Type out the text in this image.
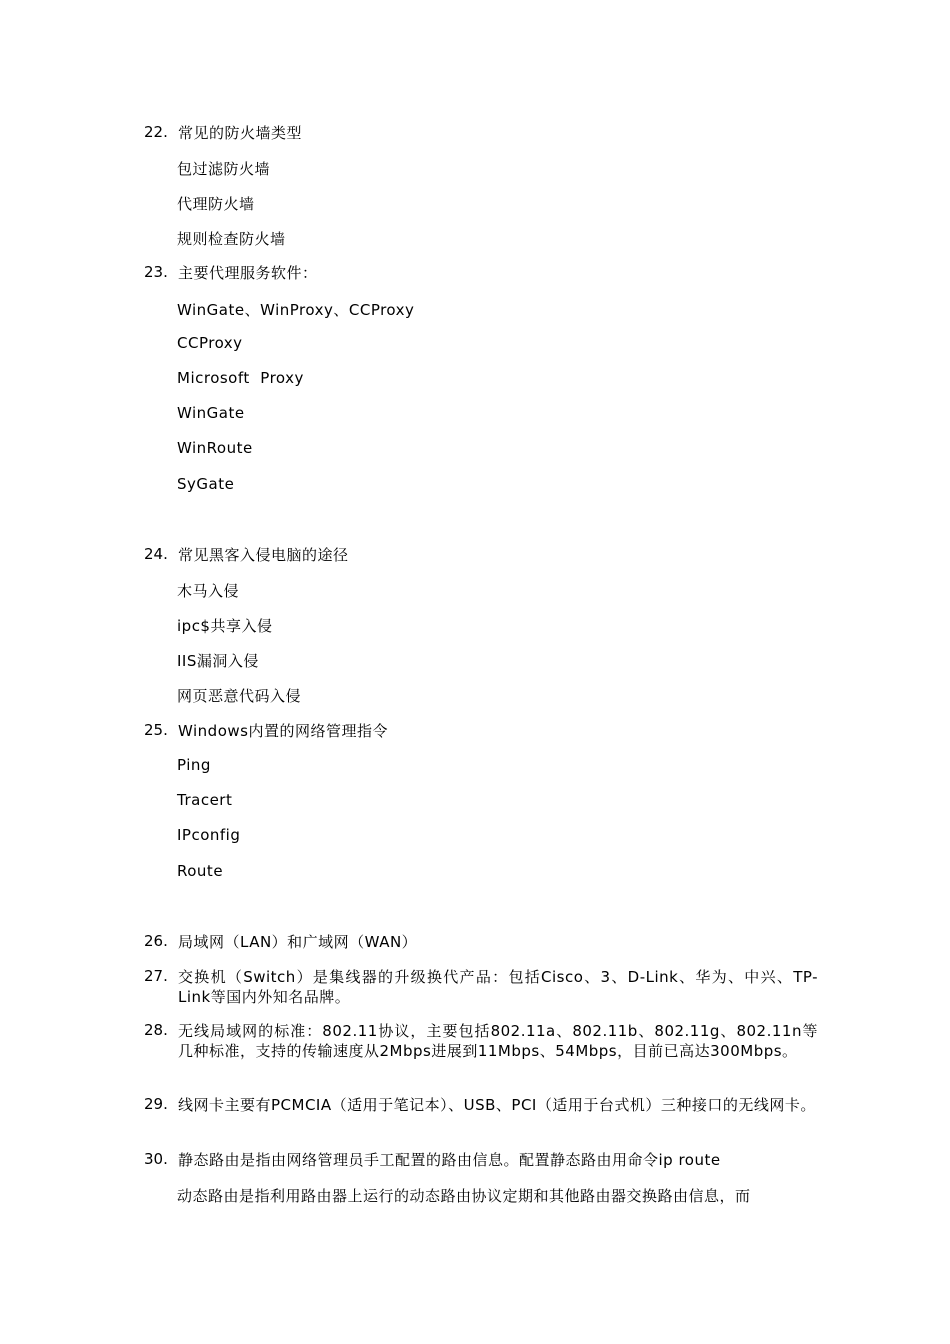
22. 常见的防火墙类型
包过滤防火墙
代理防火墙
规则检查防火墙
23. 主要代理服务软件：
WinGate、WinProxy、CCProxy
CCProxy
Microsoft  Proxy
WinGate
WinRoute
SyGate
24. 常见黑客入侵电脑的途径
木马入侵
ipc$共享入侵
IIS漏洞入侵
网页恶意代码入侵
25. Windows内置的网络管理指令
Ping
Tracert
IPconfig
Route
26. 局域网（LAN）和广域网（WAN）
27. 交换机（Switch）是集线器的升级换代产品：包括Cisco、3、D-Link、华为、中兴、TP-Link等国内外知名品牌。
28. 无线局域网的标准：802.11协议，主要包括802.11a、802.11b、802.11g、802.11n等几种标准，支持的传输速度从2Mbps进展到11Mbps、54Mbps，目前已高达300Mbps。
29. 线网卡主要有PCMCIA（适用于笔记本）、USB、PCI（适用于台式机）三种接口的无线网卡。
30. 静态路由是指由网络管理员手工配置的路由信息。配置静态路由用命令ip route
动态路由是指利用路由器上运行的动态路由协议定期和其他路由器交换路由信息，而
